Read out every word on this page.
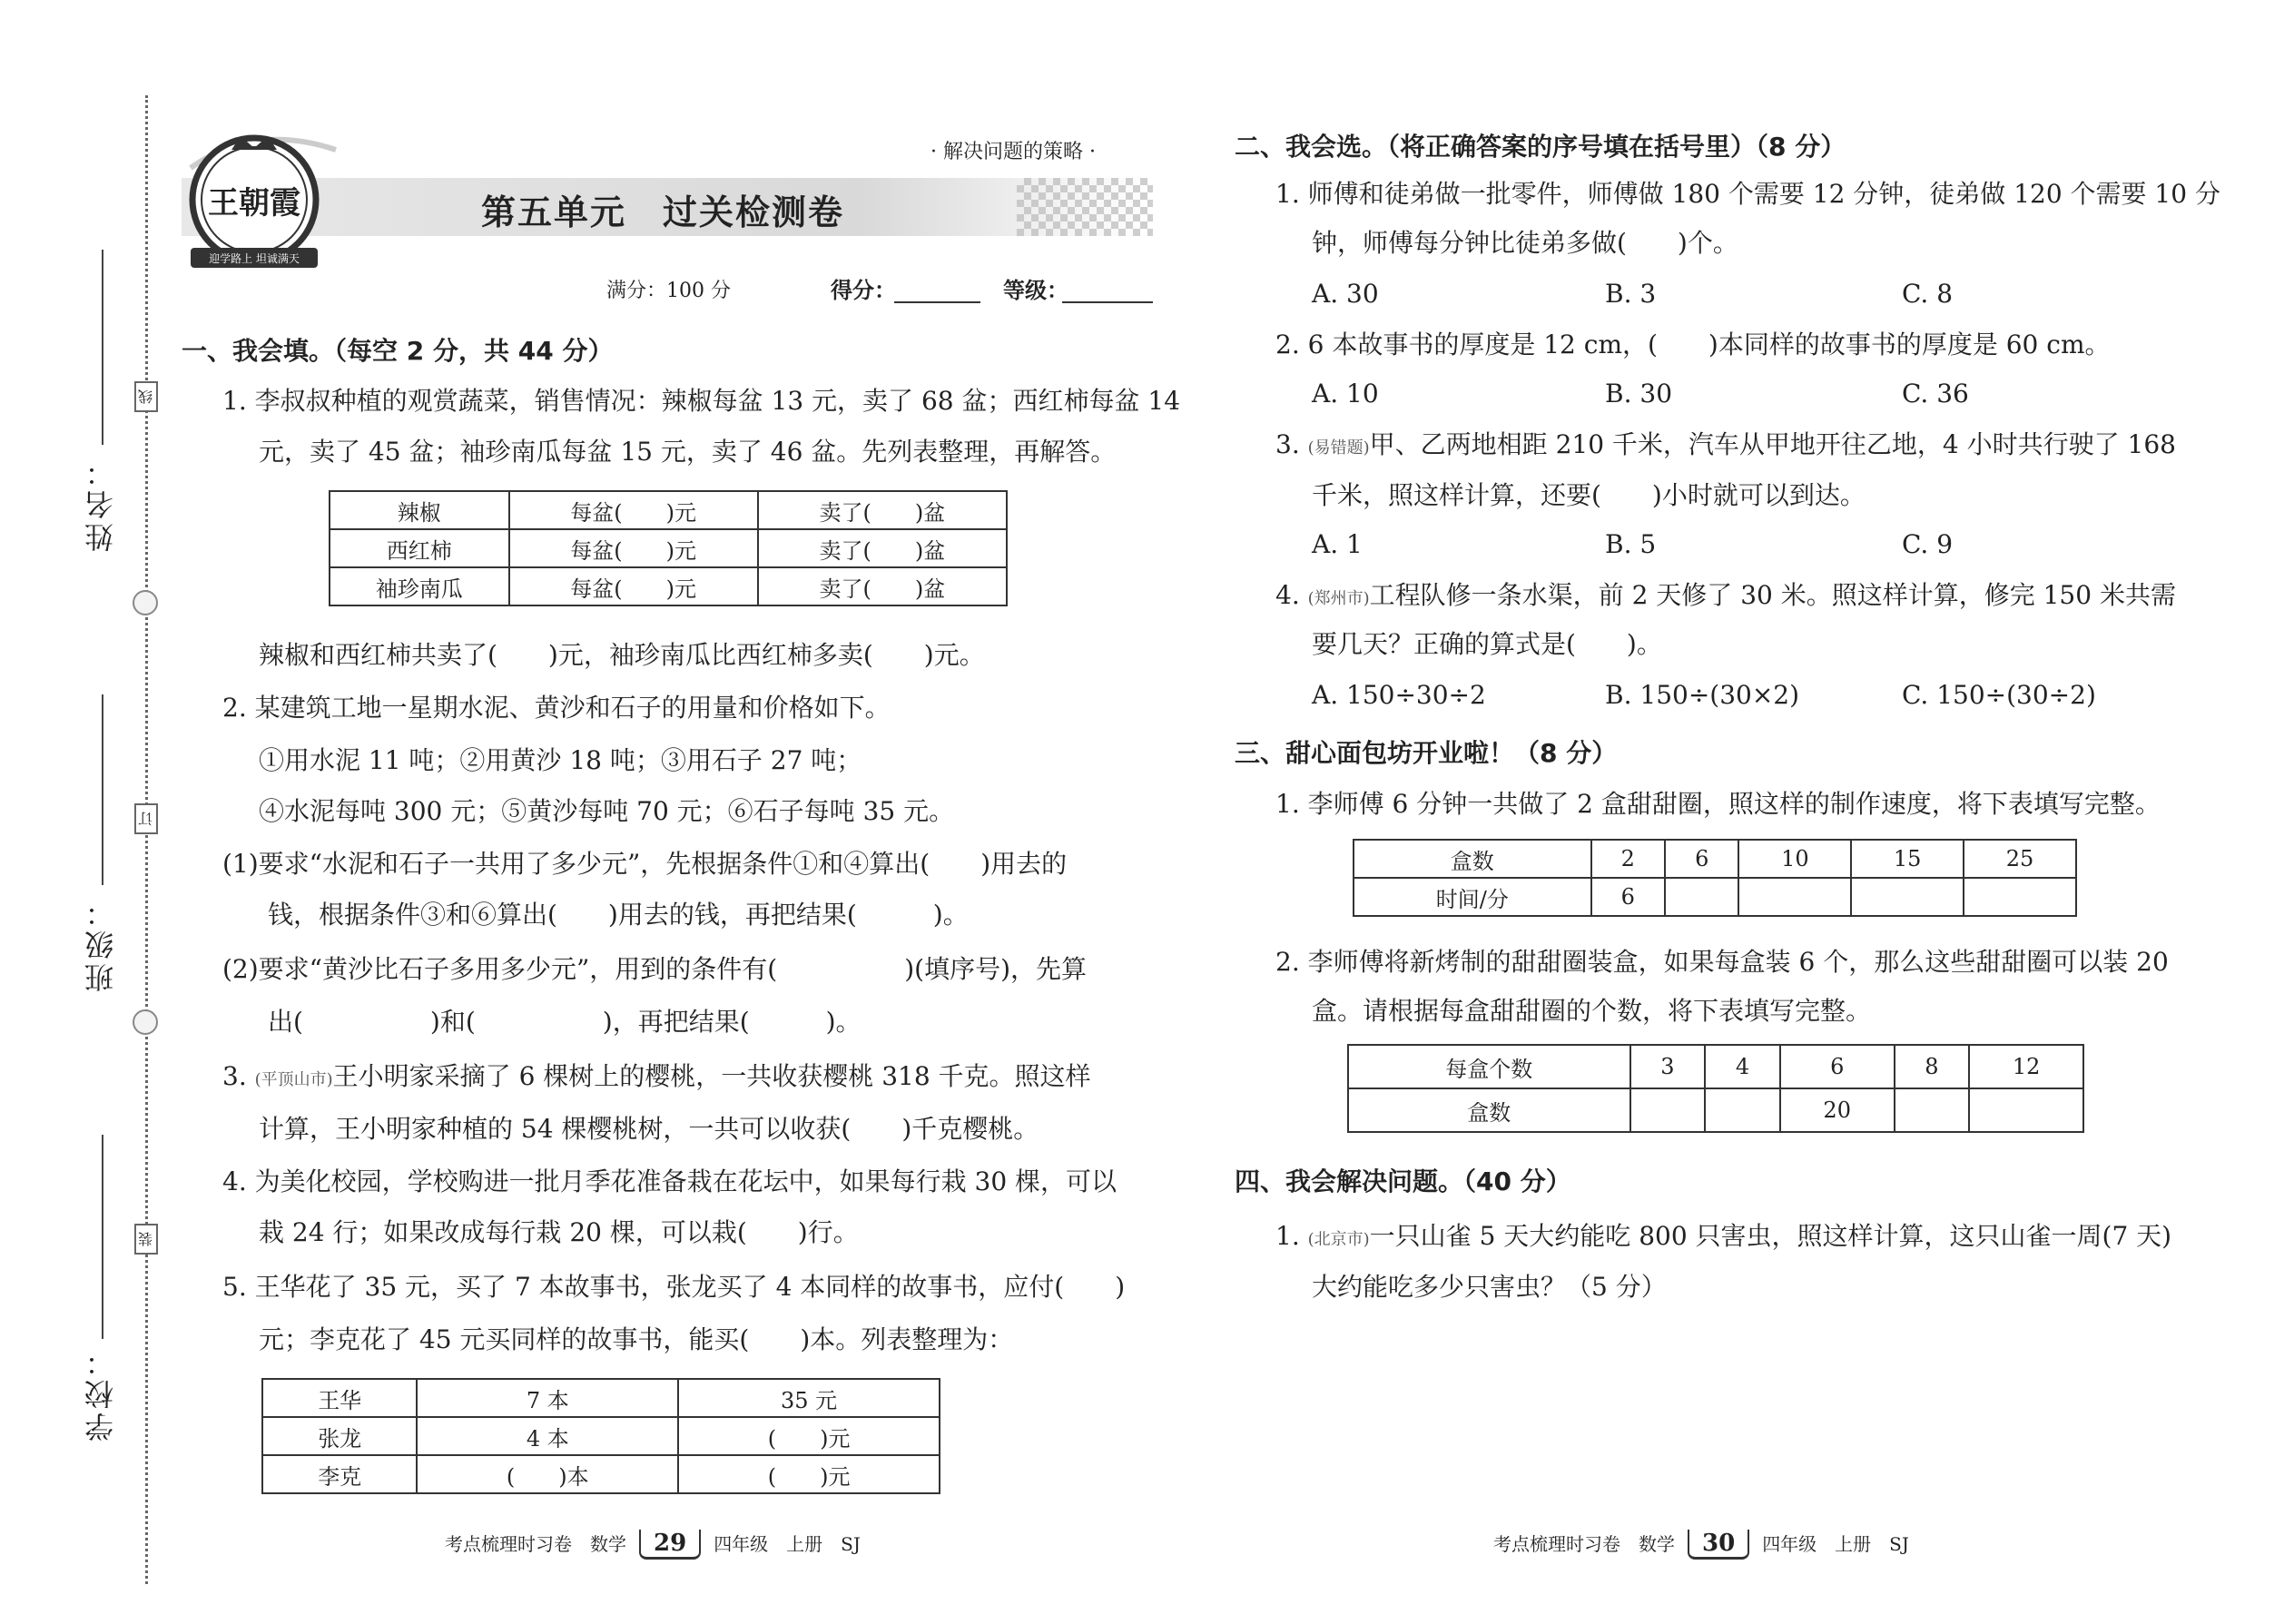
姓名：
班级：
学校：
线
订
装
王朝霞
迎学路上 坦诚满天
· 解决问题的策略 ·
第五单元　过关检测卷
满分：100 分	得分：	等级：
一、我会填。（每空 2 分，共 44 分）
1. 李叔叔种植的观赏蔬菜，销售情况：辣椒每盆 13 元，卖了 68 盆；西红柿每盆 14
元，卖了 45 盆；袖珍南瓜每盆 15 元，卖了 46 盆。先列表整理，再解答。
辣椒	每盆(　　)元	卖了(　　)盆
西红柿	每盆(　　)元	卖了(　　)盆
袖珍南瓜	每盆(　　)元	卖了(　　)盆
辣椒和西红柿共卖了(　　)元，袖珍南瓜比西红柿多卖(　　)元。
2. 某建筑工地一星期水泥、黄沙和石子的用量和价格如下。
①用水泥 11 吨；②用黄沙 18 吨；③用石子 27 吨；
④水泥每吨 300 元；⑤黄沙每吨 70 元；⑥石子每吨 35 元。
(1)要求“水泥和石子一共用了多少元”，先根据条件①和④算出(　　)用去的
钱，根据条件③和⑥算出(　　)用去的钱，再把结果(　　　)。
(2)要求“黄沙比石子多用多少元”，用到的条件有(　　　　　)(填序号)，先算
出(　　　　　)和(　　　　　)，再把结果(　　　)。
3. (平顶山市)王小明家采摘了 6 棵树上的樱桃，一共收获樱桃 318 千克。照这样
计算，王小明家种植的 54 棵樱桃树，一共可以收获(　　)千克樱桃。
4. 为美化校园，学校购进一批月季花准备栽在花坛中，如果每行栽 30 棵，可以
栽 24 行；如果改成每行栽 20 棵，可以栽(　　)行。
5. 王华花了 35 元，买了 7 本故事书，张龙买了 4 本同样的故事书，应付(　　)
元；李克花了 45 元买同样的故事书，能买(　　)本。列表整理为：
王华	7 本	35 元
张龙	4 本	(　　)元
李克	(　　)本	(　　)元
考点梳理时习卷　数学 29 四年级　上册　SJ
二、我会选。（将正确答案的序号填在括号里）（8 分）
1. 师傅和徒弟做一批零件，师傅做 180 个需要 12 分钟，徒弟做 120 个需要 10 分
钟，师傅每分钟比徒弟多做(　　)个。
A. 30	B. 3	C. 8
2. 6 本故事书的厚度是 12 cm，(　　)本同样的故事书的厚度是 60 cm。
A. 10	B. 30	C. 36
3. (易错题)甲、乙两地相距 210 千米，汽车从甲地开往乙地，4 小时共行驶了 168
千米，照这样计算，还要(　　)小时就可以到达。
A. 1	B. 5	C. 9
4. (郑州市)工程队修一条水渠，前 2 天修了 30 米。照这样计算，修完 150 米共需
要几天？正确的算式是(　　)。
A. 150÷30÷2	B. 150÷(30×2)	C. 150÷(30÷2)
三、甜心面包坊开业啦！（8 分）
1. 李师傅 6 分钟一共做了 2 盒甜甜圈，照这样的制作速度，将下表填写完整。
盒数	2	6	10	15	25
时间/分	6				
2. 李师傅将新烤制的甜甜圈装盒，如果每盒装 6 个，那么这些甜甜圈可以装 20
盒。请根据每盒甜甜圈的个数，将下表填写完整。
每盒个数	3	4	6	8	12
盒数			20		
四、我会解决问题。（40 分）
1. (北京市)一只山雀 5 天大约能吃 800 只害虫，照这样计算，这只山雀一周(7 天)
大约能吃多少只害虫？（5 分）
考点梳理时习卷　数学 30 四年级　上册　SJ
